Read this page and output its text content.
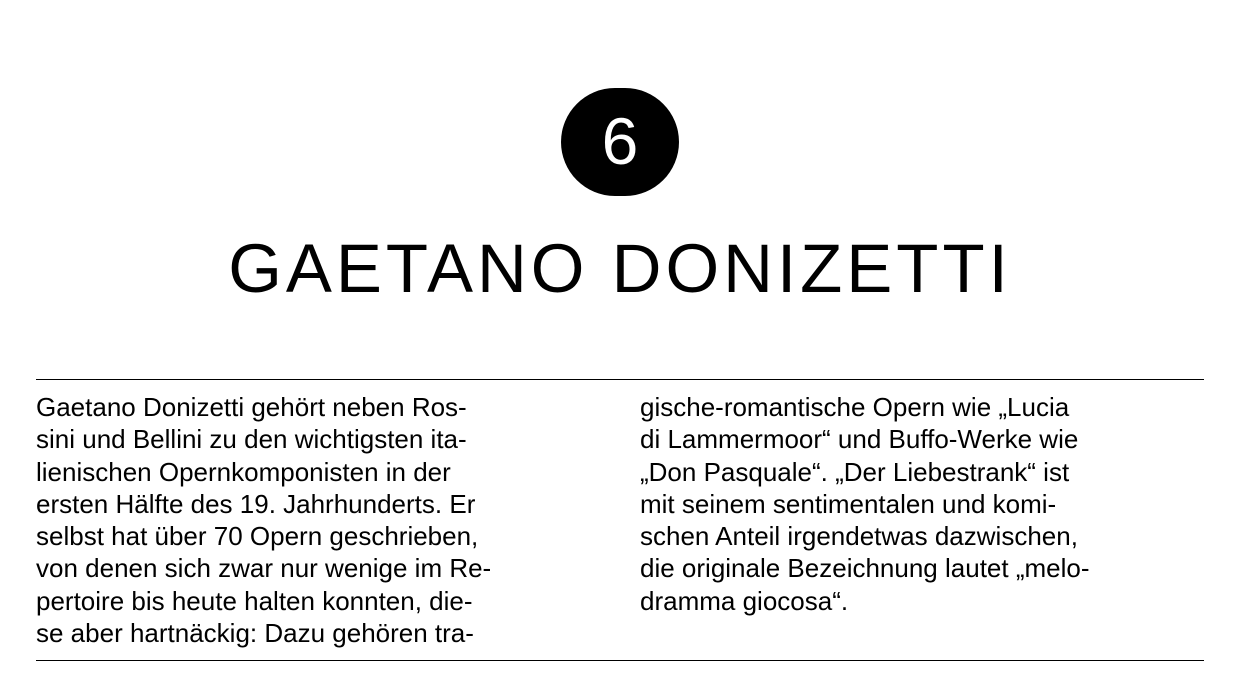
6
GAETANO DONIZETTI
Gaetano Donizetti gehört neben Ros-
sini und Bellini zu den wichtigsten ita-
lienischen Opernkomponisten in der
ersten Hälfte des 19. Jahrhunderts. Er
selbst hat über 70 Opern geschrieben,
von denen sich zwar nur wenige im Re-
pertoire bis heute halten konnten, die-
se aber hartnäckig: Dazu gehören tra-
gische-romantische Opern wie „Lucia
di Lammermoor“ und Buffo-Werke wie
„Don Pasquale“. „Der Liebestrank“ ist
mit seinem sentimentalen und komi-
schen Anteil irgendetwas dazwischen,
die originale Bezeichnung lautet „melo-
dramma giocosa“.
